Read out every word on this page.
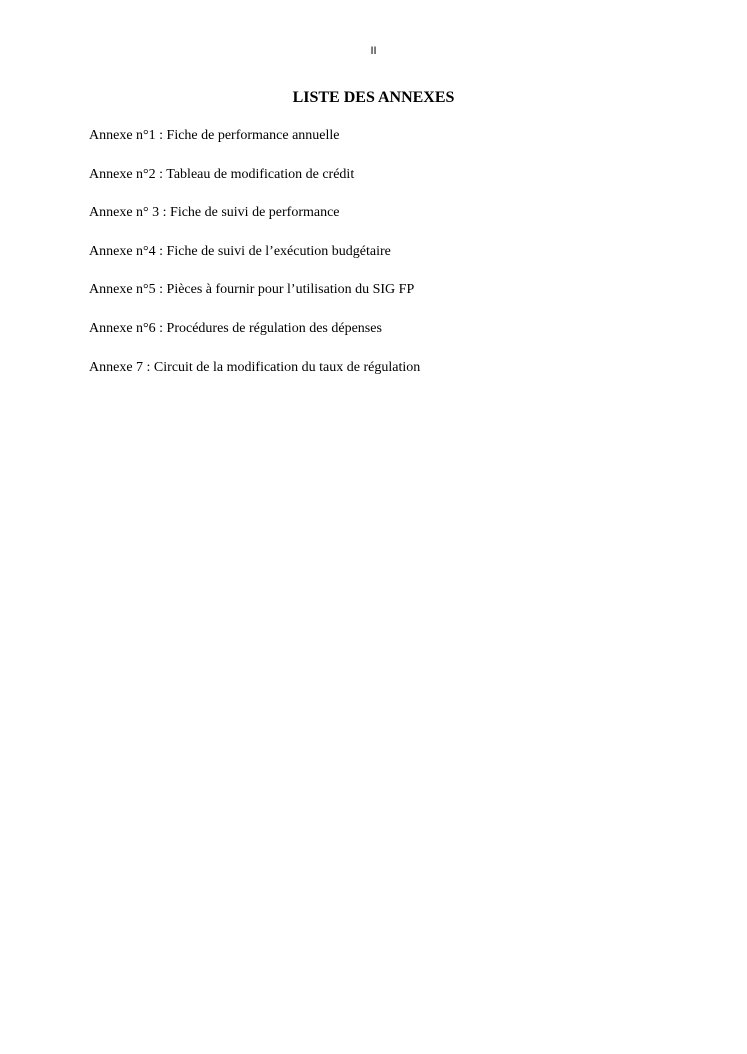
II
LISTE DES ANNEXES
Annexe n°1 : Fiche de performance annuelle
Annexe n°2 : Tableau de modification de crédit
Annexe n° 3 : Fiche de suivi de performance
Annexe n°4 : Fiche de suivi de l’exécution budgétaire
Annexe n°5 : Pièces à fournir pour l’utilisation du SIG FP
Annexe n°6 : Procédures de régulation des dépenses
Annexe 7 : Circuit de la modification du taux de régulation
